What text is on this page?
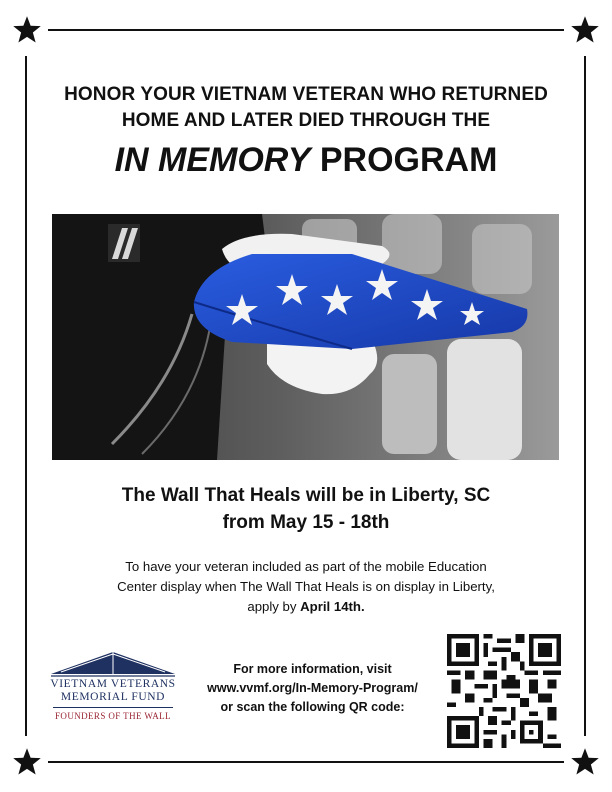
HONOR YOUR VIETNAM VETERAN WHO RETURNED
HOME AND LATER DIED THROUGH THE
IN MEMORY PROGRAM
The Wall That Heals will be in Liberty, SC
from May 15 - 18th
To have your veteran included as part of the mobile Education
Center display when The Wall That Heals is on display in Liberty,
apply by April 14th.
VIETNAM VETERANS
MEMORIAL FUND
FOUNDERS OF THE WALL
For more information, visit
www.vvmf.org/In-Memory-Program/
or scan the following QR code:
